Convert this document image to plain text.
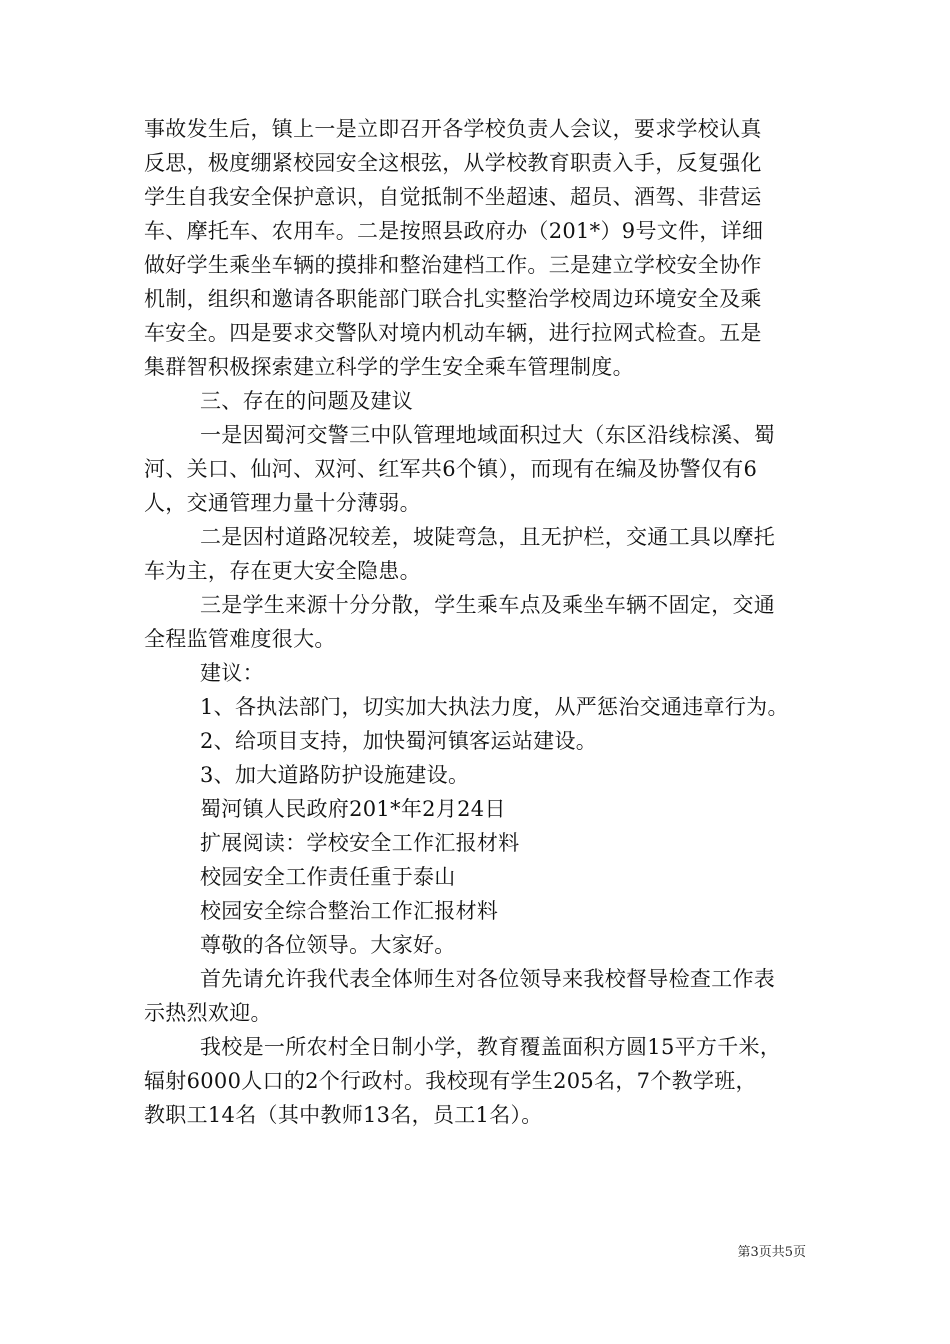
事故发生后，镇上一是立即召开各学校负责人会议，要求学校认真
反思，极度绷紧校园安全这根弦，从学校教育职责入手，反复强化
学生自我安全保护意识，自觉抵制不坐超速、超员、酒驾、非营运
车、摩托车、农用车。二是按照县政府办（201*）9号文件，详细
做好学生乘坐车辆的摸排和整治建档工作。三是建立学校安全协作
机制，组织和邀请各职能部门联合扎实整治学校周边环境安全及乘
车安全。四是要求交警队对境内机动车辆，进行拉网式检查。五是
集群智积极探索建立科学的学生安全乘车管理制度。
三、存在的问题及建议
一是因蜀河交警三中队管理地域面积过大（东区沿线棕溪、蜀
河、关口、仙河、双河、红军共6个镇），而现有在编及协警仅有6
人，交通管理力量十分薄弱。
二是因村道路况较差，坡陡弯急，且无护栏，交通工具以摩托
车为主，存在更大安全隐患。
三是学生来源十分分散，学生乘车点及乘坐车辆不固定，交通
全程监管难度很大。
建议：
1、各执法部门，切实加大执法力度，从严惩治交通违章行为。
2、给项目支持，加快蜀河镇客运站建设。
3、加大道路防护设施建设。
蜀河镇人民政府201*年2月24日
扩展阅读：学校安全工作汇报材料
校园安全工作责任重于泰山
校园安全综合整治工作汇报材料
尊敬的各位领导。大家好。
首先请允许我代表全体师生对各位领导来我校督导检查工作表
示热烈欢迎。
我校是一所农村全日制小学，教育覆盖面积方圆15平方千米，
辐射6000人口的2个行政村。我校现有学生205名，7个教学班，
教职工14名（其中教师13名，员工1名）。
第3页共5页
